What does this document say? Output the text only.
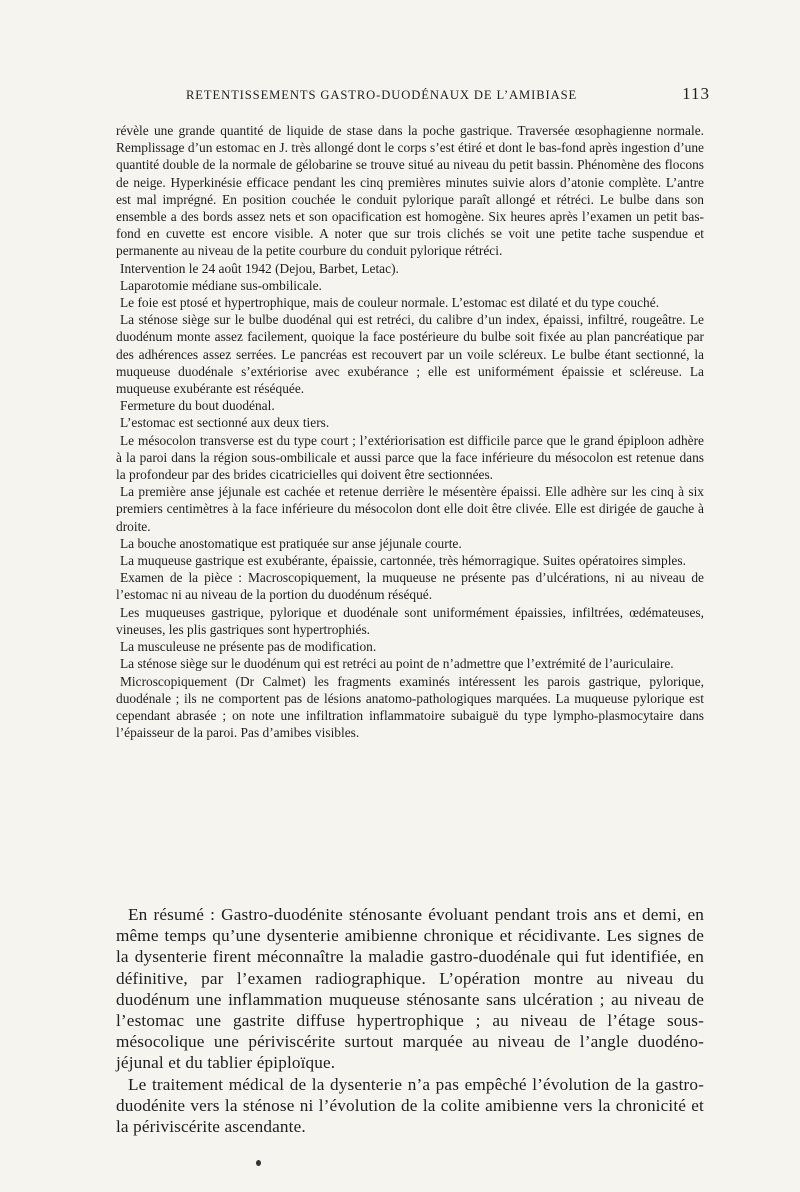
RETENTISSEMENTS GASTRO-DUODÉNAUX DE L’AMIBIASE	113

révèle une grande quantité de liquide de stase dans la poche gastrique. Traversée œsophagienne normale. Remplissage d’un estomac en J. très allongé dont le corps s’est étiré et dont le bas-fond après ingestion d’une quantité double de la normale de gélobarine se trouve situé au niveau du petit bassin. Phénomène des flocons de neige. Hyperkinésie efficace pendant les cinq premières minutes suivie alors d’atonie complète. L’antre est mal imprégné. En position couchée le conduit pylorique paraît allongé et rétréci. Le bulbe dans son ensemble a des bords assez nets et son opacification est homogène. Six heures après l’examen un petit bas-fond en cuvette est encore visible. A noter que sur trois clichés se voit une petite tache suspendue et permanente au niveau de la petite courbure du conduit pylorique rétréci.

Intervention le 24 août 1942 (Dejou, Barbet, Letac).

Laparotomie médiane sus-ombilicale.

Le foie est ptosé et hypertrophique, mais de couleur normale. L’estomac est dilaté et du type couché.

La sténose siège sur le bulbe duodénal qui est retréci, du calibre d’un index, épaissi, infiltré, rougeâtre. Le duodénum monte assez facilement, quoique la face postérieure du bulbe soit fixée au plan pancréatique par des adhérences assez serrées. Le pancréas est recouvert par un voile scléreux. Le bulbe étant sectionné, la muqueuse duodénale s’extériorise avec exubérance ; elle est uniformément épaissie et scléreuse. La muqueuse exubérante est réséquée.

Fermeture du bout duodénal.

L’estomac est sectionné aux deux tiers.

Le mésocolon transverse est du type court ; l’extériorisation est difficile parce que le grand épiploon adhère à la paroi dans la région sous-ombilicale et aussi parce que la face inférieure du mésocolon est retenue dans la profondeur par des brides cicatricielles qui doivent être sectionnées.

La première anse jéjunale est cachée et retenue derrière le mésentère épaissi. Elle adhère sur les cinq à six premiers centimètres à la face inférieure du mésocolon dont elle doit être clivée. Elle est dirigée de gauche à droite.

La bouche anostomatique est pratiquée sur anse jéjunale courte.

La muqueuse gastrique est exubérante, épaissie, cartonnée, très hémorragique. Suites opératoires simples.

Examen de la pièce : Macroscopiquement, la muqueuse ne présente pas d’ulcérations, ni au niveau de l’estomac ni au niveau de la portion du duodénum réséqué.

Les muqueuses gastrique, pylorique et duodénale sont uniformément épaissies, infiltrées, œdémateuses, vineuses, les plis gastriques sont hypertrophiés.

La musculeuse ne présente pas de modification.

La sténose siège sur le duodénum qui est retréci au point de n’admettre que l’extrémité de l’auriculaire.

Microscopiquement (Dr Calmet) les fragments examinés intéressent les parois gastrique, pylorique, duodénale ; ils ne comportent pas de lésions anatomo-pathologiques marquées. La muqueuse pylorique est cependant abrasée ; on note une infiltration inflammatoire subaiguë du type lympho-plasmocytaire dans l’épaisseur de la paroi. Pas d’amibes visibles.

En résumé : Gastro-duodénite sténosante évoluant pendant trois ans et demi, en même temps qu’une dysenterie amibienne chronique et récidivante. Les signes de la dysenterie firent méconnaître la maladie gastro-duodénale qui fut identifiée, en définitive, par l’examen radiographique. L’opération montre au niveau du duodénum une inflammation muqueuse sténosante sans ulcération ; au niveau de l’estomac une gastrite diffuse hypertrophique ; au niveau de l’étage sous-mésocolique une périviscérite surtout marquée au niveau de l’angle duodéno-jéjunal et du tablier épiploïque.

Le traitement médical de la dysenterie n’a pas empêché l’évolution de la gastro-duodénite vers la sténose ni l’évolution de la colite amibienne vers la chronicité et la périviscérite ascendante.
